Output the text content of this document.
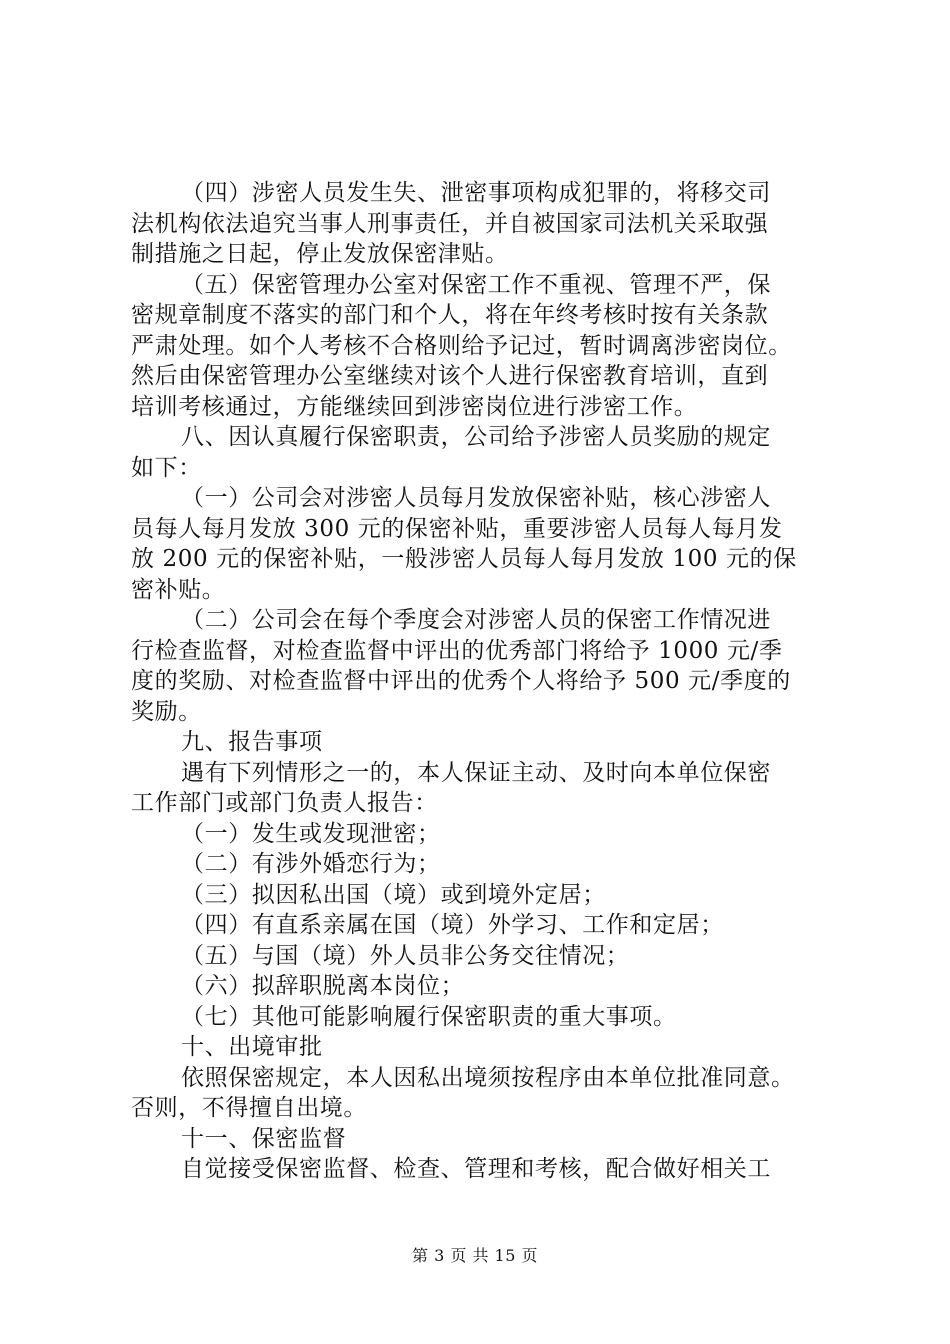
（四）涉密人员发生失、泄密事项构成犯罪的，将移交司
法机构依法追究当事人刑事责任，并自被国家司法机关采取强
制措施之日起，停止发放保密津贴。
（五）保密管理办公室对保密工作不重视、管理不严，保
密规章制度不落实的部门和个人，将在年终考核时按有关条款
严肃处理。如个人考核不合格则给予记过，暂时调离涉密岗位。
然后由保密管理办公室继续对该个人进行保密教育培训，直到
培训考核通过，方能继续回到涉密岗位进行涉密工作。
八、因认真履行保密职责，公司给予涉密人员奖励的规定
如下：
（一）公司会对涉密人员每月发放保密补贴，核心涉密人
员每人每月发放 300 元的保密补贴，重要涉密人员每人每月发
放 200 元的保密补贴，一般涉密人员每人每月发放 100 元的保
密补贴。
（二）公司会在每个季度会对涉密人员的保密工作情况进
行检查监督，对检查监督中评出的优秀部门将给予 1000 元/季
度的奖励、对检查监督中评出的优秀个人将给予 500 元/季度的
奖励。
九、报告事项
遇有下列情形之一的，本人保证主动、及时向本单位保密
工作部门或部门负责人报告：
（一）发生或发现泄密；
（二）有涉外婚恋行为；
（三）拟因私出国（境）或到境外定居；
（四）有直系亲属在国（境）外学习、工作和定居；
（五）与国（境）外人员非公务交往情况；
（六）拟辞职脱离本岗位；
（七）其他可能影响履行保密职责的重大事项。
十、出境审批
依照保密规定，本人因私出境须按程序由本单位批准同意。
否则，不得擅自出境。
十一、保密监督
自觉接受保密监督、检查、管理和考核，配合做好相关工
第 3 页 共 15 页
